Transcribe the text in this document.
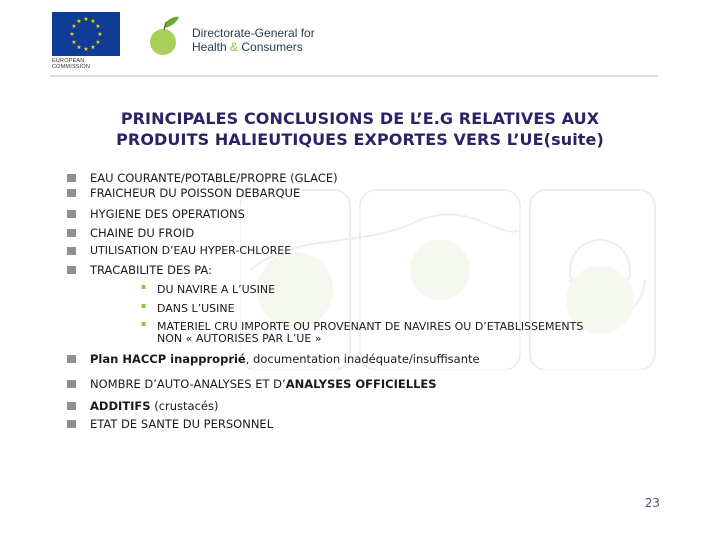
★ ★
★
★
★
★
★
★
★
★
★
★
EUROPEAN COMMISSION
Directorate-General for
Health & Consumers
PRINCIPALES CONCLUSIONS DE L’E.G RELATIVES AUX
PRODUITS HALIEUTIQUES EXPORTES VERS L’UE(suite)
EAU COURANTE/POTABLE/PROPRE (GLACE)
FRAICHEUR DU POISSON DEBARQUE
HYGIENE DES OPERATIONS
CHAINE DU FROID
UTILISATION D’EAU HYPER-CHLOREE
TRACABILITE DES PA:
▪ DU NAVIRE A L’USINE
▪ DANS L’USINE
▪ MATERIEL CRU IMPORTE OU PROVENANT DE NAVIRES OU D’ETABLISSEMENTS
NON « AUTORISES PAR L’UE »
Plan HACCP inapproprié, documentation inadéquate/insuffisante
NOMBRE D’AUTO-ANALYSES ET D’ANALYSES OFFICIELLES
ADDITIFS (crustacés)
ETAT DE SANTE DU PERSONNEL
23
